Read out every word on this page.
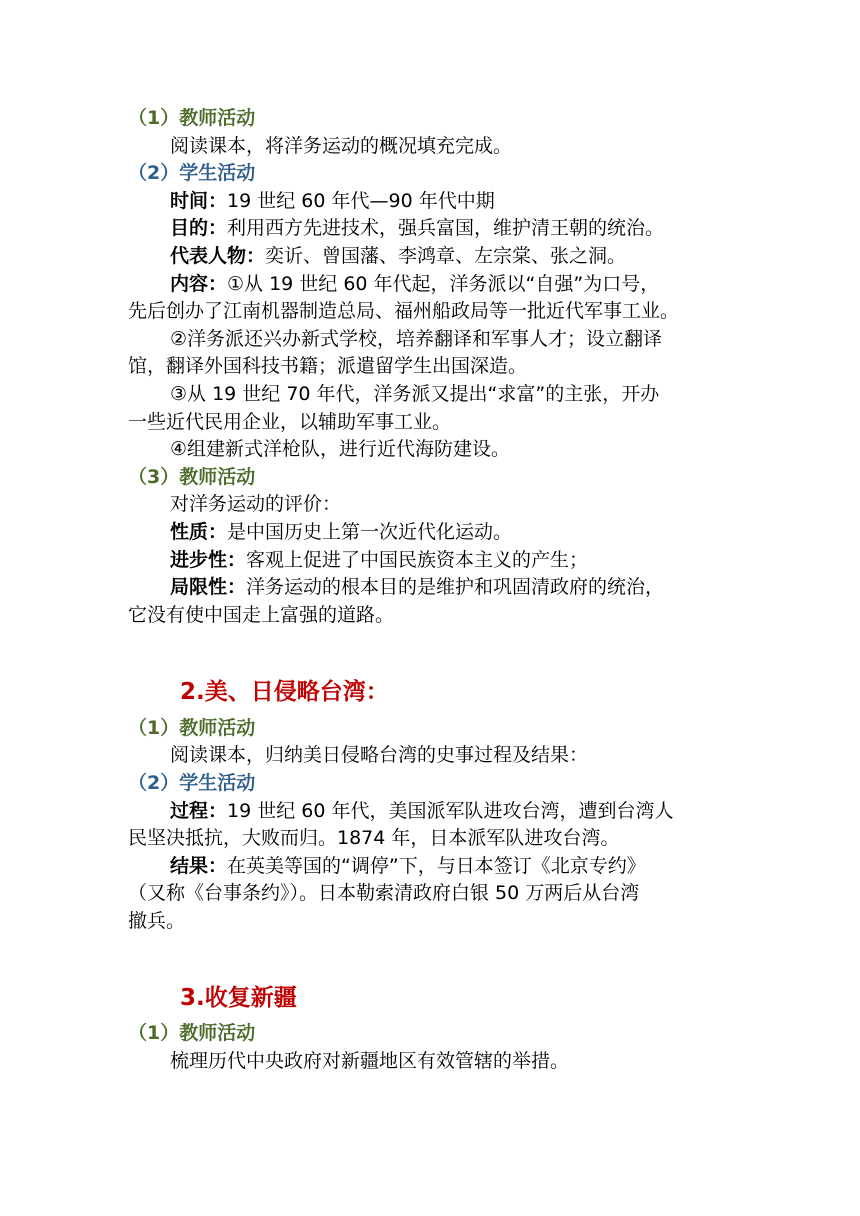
（1）教师活动
阅读课本，将洋务运动的概况填充完成。
（2）学生活动
时间：19 世纪 60 年代—90 年代中期
目的：利用西方先进技术，强兵富国，维护清王朝的统治。
代表人物：奕䜣、曾国藩、李鸿章、左宗棠、张之洞。
内容：①从 19 世纪 60 年代起，洋务派以“自强”为口号，
先后创办了江南机器制造总局、福州船政局等一批近代军事工业。
②洋务派还兴办新式学校，培养翻译和军事人才；设立翻译
馆，翻译外国科技书籍；派遣留学生出国深造。
③从 19 世纪 70 年代，洋务派又提出“求富”的主张，开办
一些近代民用企业，以辅助军事工业。
④组建新式洋枪队，进行近代海防建设。
（3）教师活动
对洋务运动的评价：
性质：是中国历史上第一次近代化运动。
进步性：客观上促进了中国民族资本主义的产生；
局限性：洋务运动的根本目的是维护和巩固清政府的统治，
它没有使中国走上富强的道路。
2.美、日侵略台湾：
（1）教师活动
阅读课本，归纳美日侵略台湾的史事过程及结果：
（2）学生活动
过程：19 世纪 60 年代，美国派军队进攻台湾，遭到台湾人
民坚决抵抗，大败而归。1874 年，日本派军队进攻台湾。
结果：在英美等国的“调停”下，与日本签订《北京专约》
（又称《台事条约》）。日本勒索清政府白银 50 万两后从台湾
撤兵。
3.收复新疆
（1）教师活动
梳理历代中央政府对新疆地区有效管辖的举措。
